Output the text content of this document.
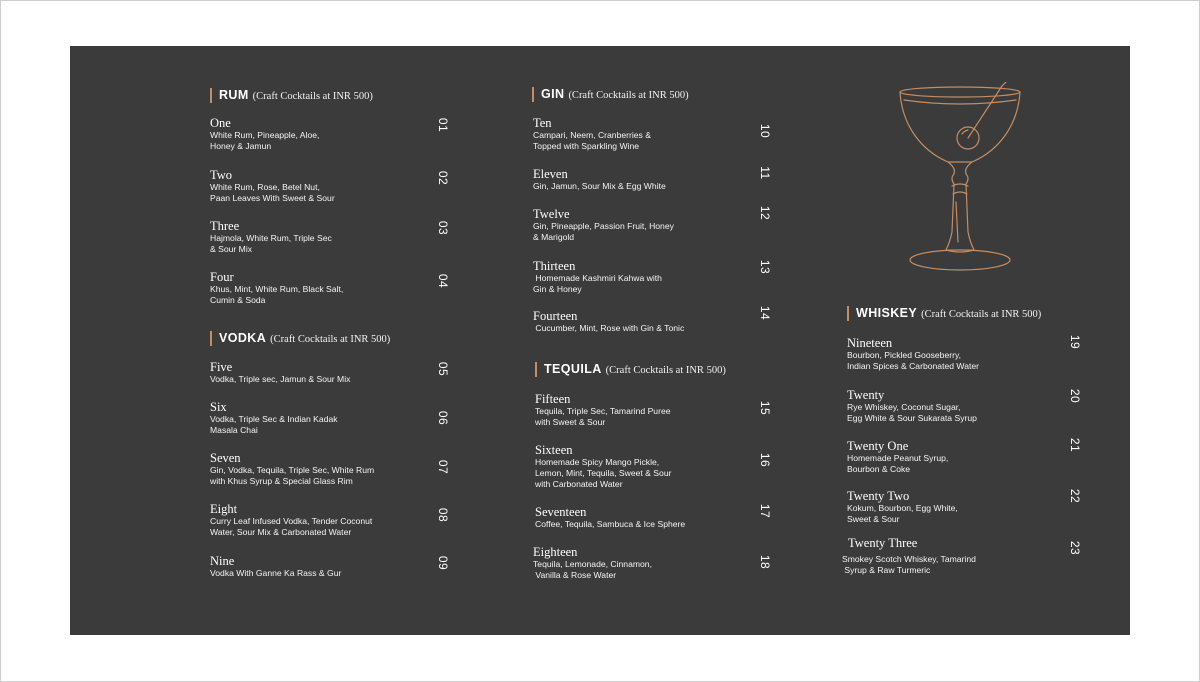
RUM (Craft Cocktails at INR 500)
VODKA (Craft Cocktails at INR 500)
GIN (Craft Cocktails at INR 500)
TEQUILA (Craft Cocktails at INR 500)
WHISKEY (Craft Cocktails at INR 500)
One
White Rum, Pineapple, Aloe,
Honey & Jamun
01
Two
White Rum, Rose, Betel Nut,
Paan Leaves With Sweet & Sour
02
Three
Hajmola, White Rum, Triple Sec
& Sour Mix
03
Four
Khus, Mint, White Rum, Black Salt,
Cumin & Soda
04
Five
Vodka, Triple sec, Jamun & Sour Mix
05
Six
Vodka, Triple Sec & Indian Kadak
Masala Chai
06
Seven
Gin, Vodka, Tequila, Triple Sec, White Rum
with Khus Syrup & Special Glass Rim
07
Eight
Curry Leaf Infused Vodka, Tender Coconut
Water, Sour Mix & Carbonated Water
08
Nine
Vodka With Ganne Ka Rass & Gur
09
Ten
Campari, Neem, Cranberries &
Topped with Sparkling Wine
10
Eleven
Gin, Jamun, Sour Mix & Egg White
11
Twelve
Gin, Pineapple, Passion Fruit, Honey
& Marigold
12
Thirteen
Homemade Kashmiri Kahwa with
Gin & Honey
13
Fourteen
Cucumber, Mint, Rose with Gin & Tonic
14
Fifteen
Tequila, Triple Sec, Tamarind Puree
with Sweet & Sour
15
Sixteen
Homemade Spicy Mango Pickle,
Lemon, Mint, Tequila, Sweet & Sour
with Carbonated Water
16
Seventeen
Coffee, Tequila, Sambuca & Ice Sphere
17
Eighteen
Tequila, Lemonade, Cinnamon,
Vanilla & Rose Water
18
Nineteen
Bourbon, Pickled Gooseberry,
Indian Spices & Carbonated Water
19
Twenty
Rye Whiskey, Coconut Sugar,
Egg White & Sour Sukarata Syrup
20
Twenty One
Homemade Peanut Syrup,
Bourbon & Coke
21
Twenty Two
Kokum, Bourbon, Egg White,
Sweet & Sour
22
Twenty Three
Smokey Scotch Whiskey, Tamarind
Syrup & Raw Turmeric
23
